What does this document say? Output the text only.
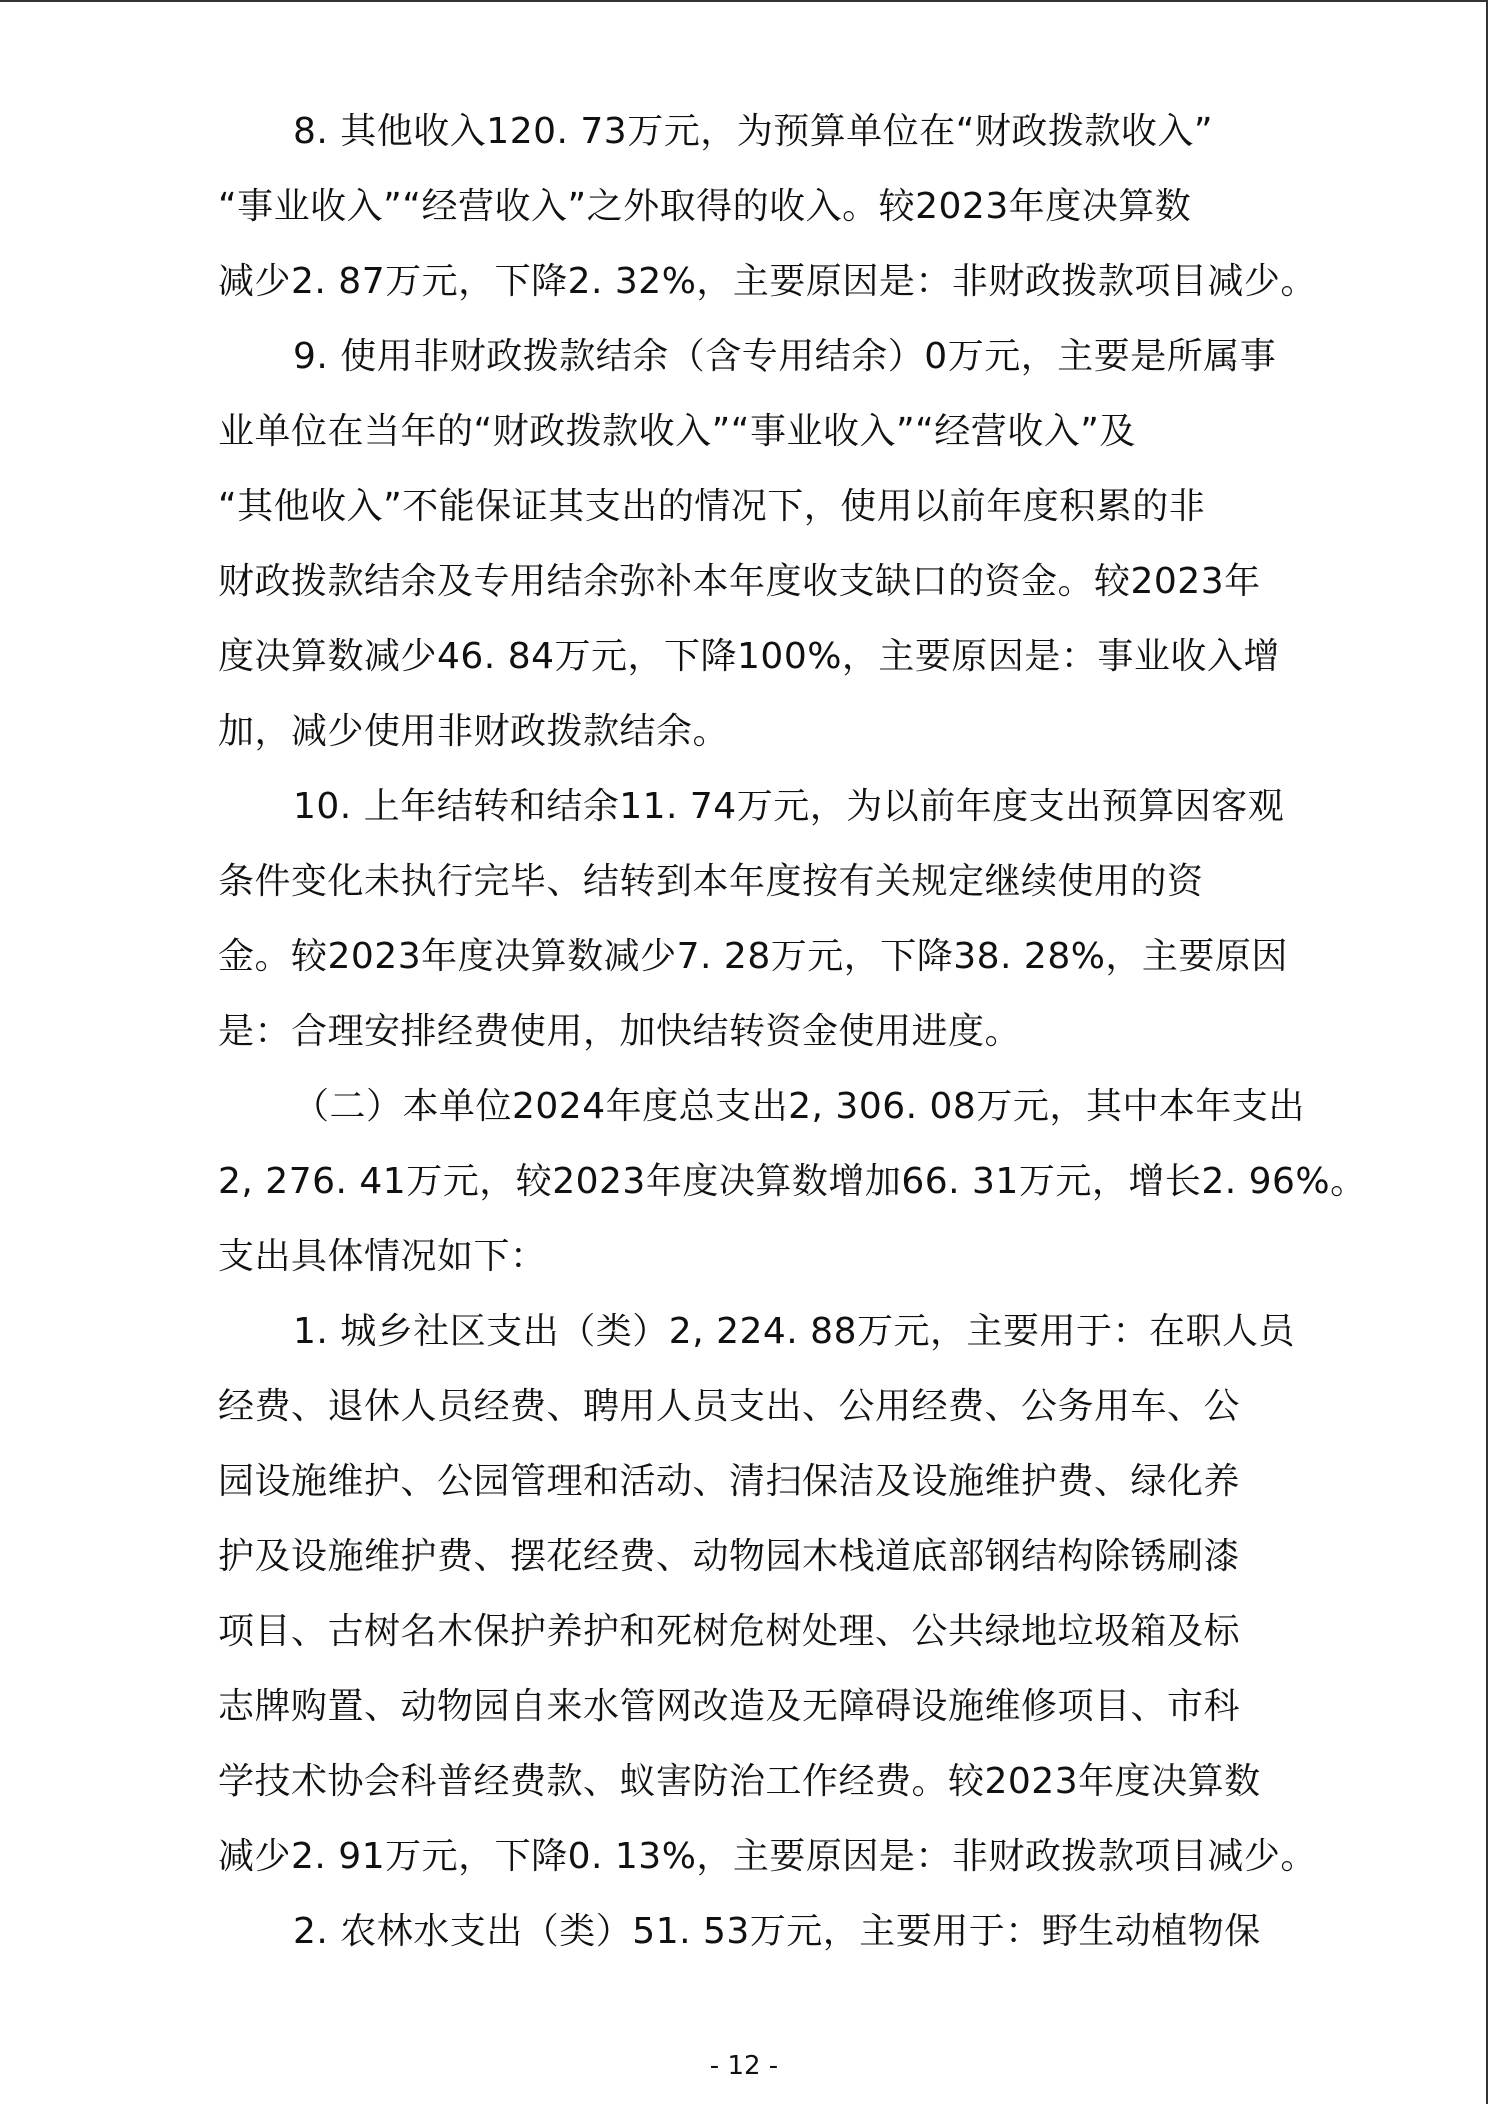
8. 其他收入120. 73万元，为预算单位在“财政拨款收入”
“事业收入”“经营收入”之外取得的收入。较2023年度决算数
减少2. 87万元，下降2. 32%，主要原因是：非财政拨款项目减少。
9. 使用非财政拨款结余（含专用结余）0万元，主要是所属事
业单位在当年的“财政拨款收入”“事业收入”“经营收入”及
“其他收入”不能保证其支出的情况下，使用以前年度积累的非
财政拨款结余及专用结余弥补本年度收支缺口的资金。较2023年
度决算数减少46. 84万元，下降100%，主要原因是：事业收入增
加，减少使用非财政拨款结余。
10. 上年结转和结余11. 74万元，为以前年度支出预算因客观
条件变化未执行完毕、结转到本年度按有关规定继续使用的资
金。较2023年度决算数减少7. 28万元，下降38. 28%，主要原因
是：合理安排经费使用，加快结转资金使用进度。
（二）本单位2024年度总支出2, 306. 08万元，其中本年支出
2, 276. 41万元，较2023年度决算数增加66. 31万元，增长2. 96%。
支出具体情况如下：
1. 城乡社区支出（类）2, 224. 88万元，主要用于：在职人员
经费、退休人员经费、聘用人员支出、公用经费、公务用车、公
园设施维护、公园管理和活动、清扫保洁及设施维护费、绿化养
护及设施维护费、摆花经费、动物园木栈道底部钢结构除锈刷漆
项目、古树名木保护养护和死树危树处理、公共绿地垃圾箱及标
志牌购置、动物园自来水管网改造及无障碍设施维修项目、市科
学技术协会科普经费款、蚁害防治工作经费。较2023年度决算数
减少2. 91万元，下降0. 13%，主要原因是：非财政拨款项目减少。
2. 农林水支出（类）51. 53万元，主要用于：野生动植物保
- 12 -
